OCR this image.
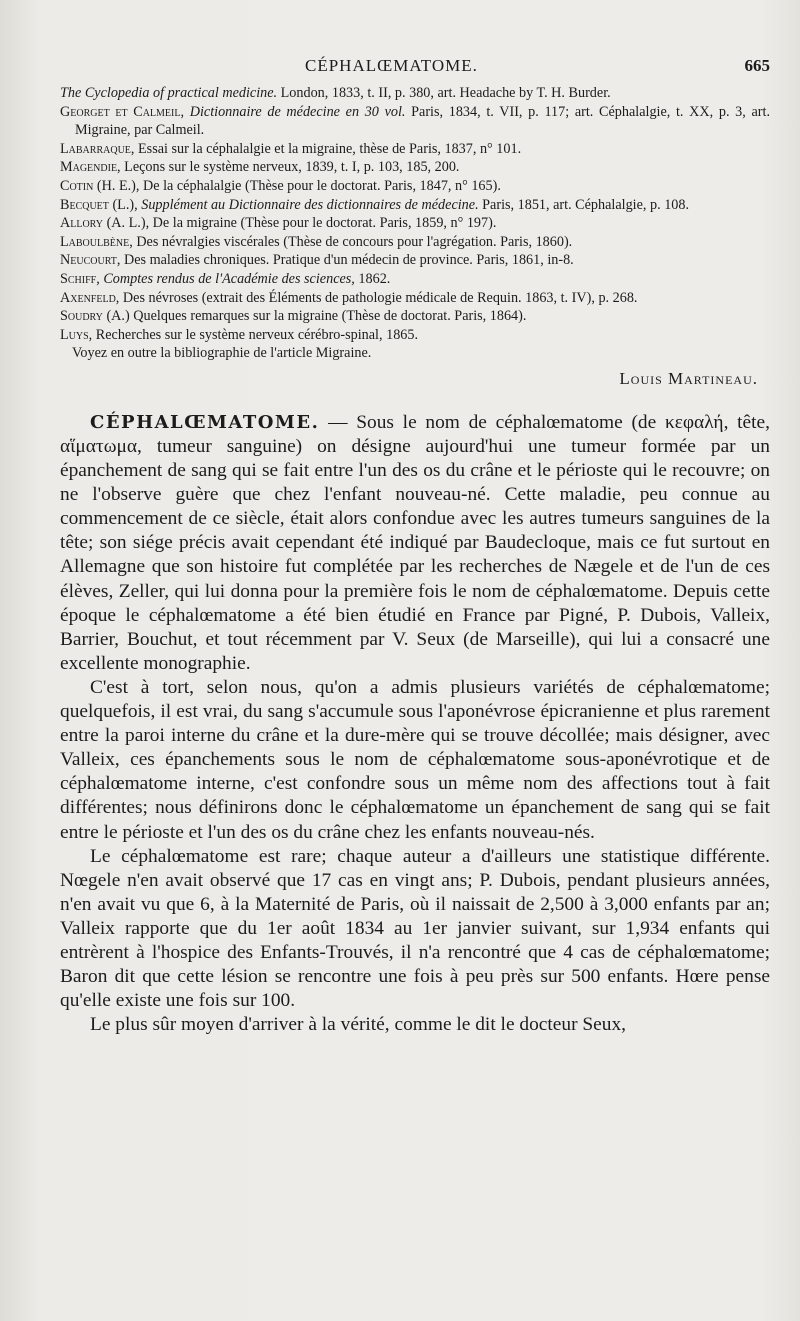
CÉPHALŒMATOME.	665

The Cyclopedia of practical medicine. London, 1833, t. II, p. 380, art. Headache by T. H. Burder.

Georget et Calmeil, Dictionnaire de médecine en 30 vol. Paris, 1834, t. VII, p. 117; art. Céphalalgie, t. XX, p. 3, art. Migraine, par Calmeil.

Labarraque, Essai sur la céphalalgie et la migraine, thèse de Paris, 1837, n° 101.

Magendie, Leçons sur le système nerveux, 1839, t. I, p. 103, 185, 200.

Cotin (H. E.), De la céphalalgie (Thèse pour le doctorat. Paris, 1847, n° 165).

Becquet (L.), Supplément au Dictionnaire des dictionnaires de médecine. Paris, 1851, art. Céphalalgie, p. 108.

Allory (A. L.), De la migraine (Thèse pour le doctorat. Paris, 1859, n° 197).

Laboulbène, Des névralgies viscérales (Thèse de concours pour l'agrégation. Paris, 1860).

Neucourt, Des maladies chroniques. Pratique d'un médecin de province. Paris, 1861, in-8.

Schiff, Comptes rendus de l'Académie des sciences, 1862.

Axenfeld, Des névroses (extrait des Éléments de pathologie médicale de Requin. 1863, t. IV), p. 268.

Soudry (A.) Quelques remarques sur la migraine (Thèse de doctorat. Paris, 1864).

Luys, Recherches sur le système nerveux cérébro-spinal, 1865.

Voyez en outre la bibliographie de l'article Migraine.

Louis Martineau.

CÉPHALŒMATOME. — Sous le nom de céphalœmatome (de κεφαλή, tête, αἵματωμα, tumeur sanguine) on désigne aujourd'hui une tumeur formée par un épanchement de sang qui se fait entre l'un des os du crâne et le périoste qui le recouvre; on ne l'observe guère que chez l'enfant nouveau-né. Cette maladie, peu connue au commencement de ce siècle, était alors confondue avec les autres tumeurs sanguines de la tête; son siége précis avait cependant été indiqué par Baudecloque, mais ce fut surtout en Allemagne que son histoire fut complétée par les recherches de Nægele et de l'un de ces élèves, Zeller, qui lui donna pour la première fois le nom de céphalœmatome. Depuis cette époque le céphalœmatome a été bien étudié en France par Pigné, P. Dubois, Valleix, Barrier, Bouchut, et tout récemment par V. Seux (de Marseille), qui lui a consacré une excellente monographie.

C'est à tort, selon nous, qu'on a admis plusieurs variétés de céphalœmatome; quelquefois, il est vrai, du sang s'accumule sous l'aponévrose épicranienne et plus rarement entre la paroi interne du crâne et la dure-mère qui se trouve décollée; mais désigner, avec Valleix, ces épanchements sous le nom de céphalœmatome sous-aponévrotique et de céphalœmatome interne, c'est confondre sous un même nom des affections tout à fait différentes; nous définirons donc le céphalœmatome un épanchement de sang qui se fait entre le périoste et l'un des os du crâne chez les enfants nouveau-nés.

Le céphalœmatome est rare; chaque auteur a d'ailleurs une statistique différente. Nœgele n'en avait observé que 17 cas en vingt ans; P. Dubois, pendant plusieurs années, n'en avait vu que 6, à la Maternité de Paris, où il naissait de 2,500 à 3,000 enfants par an; Valleix rapporte que du 1er août 1834 au 1er janvier suivant, sur 1,934 enfants qui entrèrent à l'hospice des Enfants-Trouvés, il n'a rencontré que 4 cas de céphalœmatome; Baron dit que cette lésion se rencontre une fois à peu près sur 500 enfants. Hœre pense qu'elle existe une fois sur 100.

Le plus sûr moyen d'arriver à la vérité, comme le dit le docteur Seux,
